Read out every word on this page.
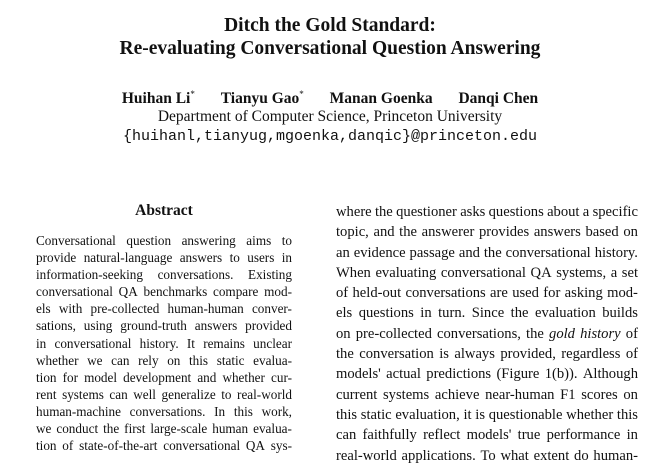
Ditch the Gold Standard:
Re-evaluating Conversational Question Answering
Huihan Li* Tianyu Gao* Manan Goenka Danqi Chen
Department of Computer Science, Princeton University
{huihanl,tianyug,mgoenka,danqic}@princeton.edu
Abstract
Conversational question answering aims to
provide natural-language answers to users in
information-seeking conversations. Existing
conversational QA benchmarks compare mod-
els with pre-collected human-human conver-
sations, using ground-truth answers provided
in conversational history. It remains unclear
whether we can rely on this static evalua-
tion for model development and whether cur-
rent systems can well generalize to real-world
human-machine conversations. In this work,
we conduct the first large-scale human evalua-
tion of state-of-the-art conversational QA sys-
where the questioner asks questions about a specific
topic, and the answerer provides answers based on
an evidence passage and the conversational history.
When evaluating conversational QA systems, a set
of held-out conversations are used for asking mod-
els questions in turn. Since the evaluation builds
on pre-collected conversations, the gold history of
the conversation is always provided, regardless of
models' actual predictions (Figure 1(b)). Although
current systems achieve near-human F1 scores on
this static evaluation, it is questionable whether this
can faithfully reflect models' true performance in
real-world applications. To what extent do human-
